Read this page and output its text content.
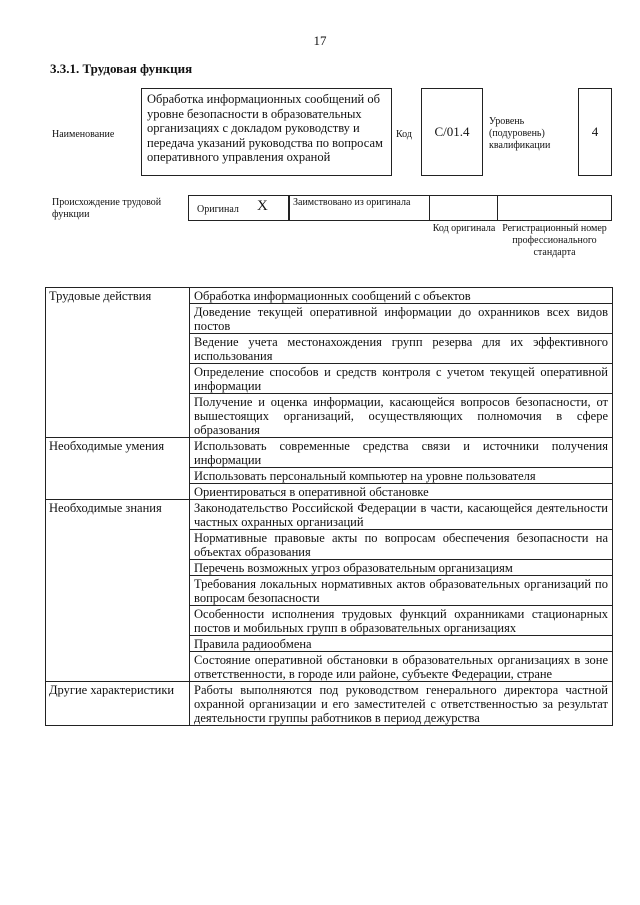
17
3.3.1. Трудовая функция
Наименование
Обработка информационных сообщений об уровне безопасности в образовательных организациях с докладом руководству и передача указаний руководства по вопросам оперативного управления охраной
Код C/01.4
Уровень (подуровень) квалификации
4
Происхождение трудовой функции	Оригинал X	Заимствовано из оригинала
Код оригинала Регистрационный номер профессионального стандарта
Трудовые действия	Обработка информационных сообщений с объектов
	Доведение текущей оперативной информации до охранников всех видов постов
	Ведение учета местонахождения групп резерва для их эффективного использования
	Определение способов и средств контроля с учетом текущей оперативной информации
	Получение и оценка информации, касающейся вопросов безопасности, от вышестоящих организаций, осуществляющих полномочия в сфере образования
Необходимые умения	Использовать современные средства связи и источники получения информации
	Использовать персональный компьютер на уровне пользователя
	Ориентироваться в оперативной обстановке
Необходимые знания	Законодательство Российской Федерации в части, касающейся деятельности частных охранных организаций
	Нормативные правовые акты по вопросам обеспечения безопасности на объектах образования
	Перечень возможных угроз образовательным организациям
	Требования локальных нормативных актов образовательных организаций по вопросам безопасности
	Особенности исполнения трудовых функций охранниками стационарных постов и мобильных групп в образовательных организациях
	Правила радиообмена
	Состояние оперативной обстановки в образовательных организациях в зоне ответственности, в городе или районе, субъекте Федерации, стране
Другие характеристики	Работы выполняются под руководством генерального директора частной охранной организации и его заместителей с ответственностью за результат деятельности группы работников в период дежурства
